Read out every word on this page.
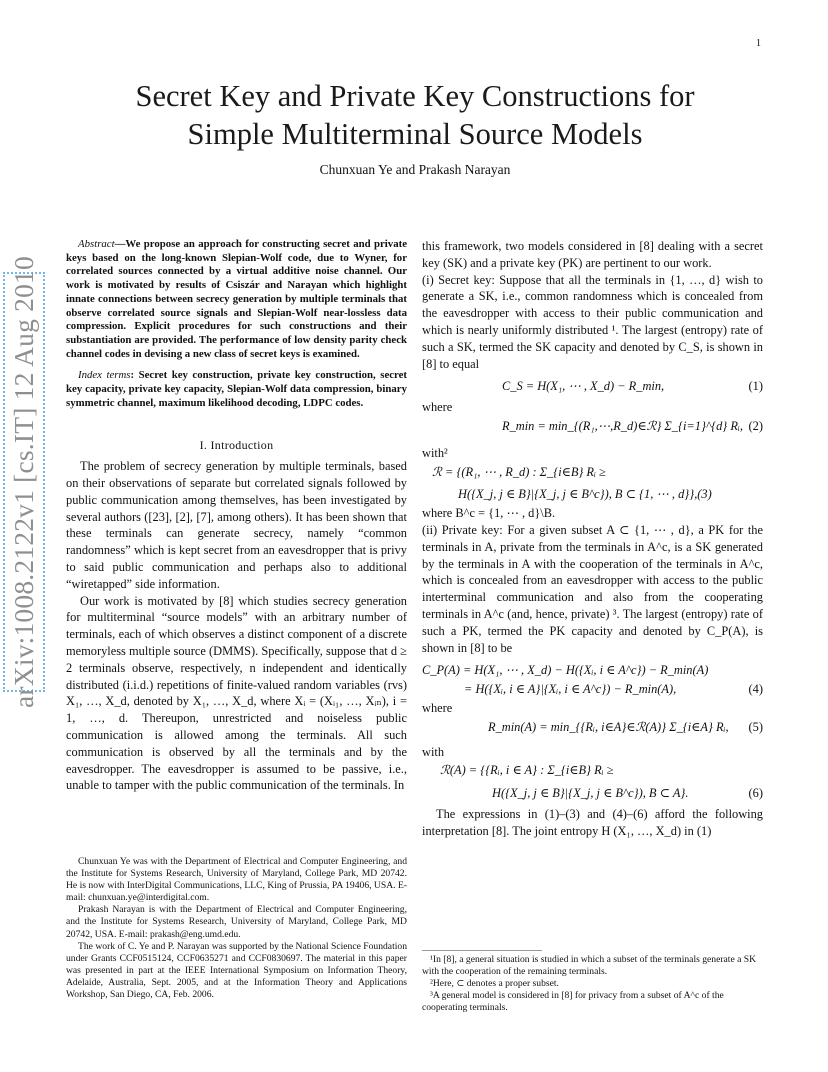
1
arXiv:1008.2122v1 [cs.IT] 12 Aug 2010
Secret Key and Private Key Constructions for
Simple Multiterminal Source Models
Chunxuan Ye and Prakash Narayan

Abstract—We propose an approach for constructing secret and private keys based on the long-known Slepian-Wolf code, due to Wyner, for correlated sources connected by a virtual additive noise channel. Our work is motivated by results of Csiszár and Narayan which highlight innate connections between secrecy generation by multiple terminals that observe correlated source signals and Slepian-Wolf near-lossless data compression. Explicit procedures for such constructions and their substantiation are provided. The performance of low density parity check channel codes in devising a new class of secret keys is examined.

Index terms: Secret key construction, private key construction, secret key capacity, private key capacity, Slepian-Wolf data compression, binary symmetric channel, maximum likelihood decoding, LDPC codes.

I. Introduction

The problem of secrecy generation by multiple terminals, based on their observations of separate but correlated signals followed by public communication among themselves, has been investigated by several authors ([23], [2], [7], among others). It has been shown that these terminals can generate secrecy, namely “common randomness” which is kept secret from an eavesdropper that is privy to said public communication and perhaps also to additional “wiretapped” side information.

Our work is motivated by [8] which studies secrecy generation for multiterminal “source models” with an arbitrary number of terminals, each of which observes a distinct component of a discrete memoryless multiple source (DMMS). Specifically, suppose that d ≥ 2 terminals observe, respectively, n independent and identically distributed (i.i.d.) repetitions of finite-valued random variables (rvs) X₁, …, X_d, denoted by X₁, …, X_d, where Xᵢ = (Xᵢ₁, …, Xᵢₙ), i = 1, …, d. Thereupon, unrestricted and noiseless public communication is allowed among the terminals. All such communication is observed by all the terminals and by the eavesdropper. The eavesdropper is assumed to be passive, i.e., unable to tamper with the public communication of the terminals. In

Chunxuan Ye was with the Department of Electrical and Computer Engineering, and the Institute for Systems Research, University of Maryland, College Park, MD 20742. He is now with InterDigital Communications, LLC, King of Prussia, PA 19406, USA. E-mail: chunxuan.ye@interdigital.com.

Prakash Narayan is with the Department of Electrical and Computer Engineering, and the Institute for Systems Research, University of Maryland, College Park, MD 20742, USA. E-mail: prakash@eng.umd.edu.

The work of C. Ye and P. Narayan was supported by the National Science Foundation under Grants CCF0515124, CCF0635271 and CCF0830697. The material in this paper was presented in part at the IEEE International Symposium on Information Theory, Adelaide, Australia, Sept. 2005, and at the Information Theory and Applications Workshop, San Diego, CA, Feb. 2006.

this framework, two models considered in [8] dealing with a secret key (SK) and a private key (PK) are pertinent to our work.

(i) Secret key: Suppose that all the terminals in {1, …, d} wish to generate a SK, i.e., common randomness which is concealed from the eavesdropper with access to their public communication and which is nearly uniformly distributed ¹. The largest (entropy) rate of such a SK, termed the SK capacity and denoted by C_S, is shown in [8] to equal

C_S = H(X₁, ⋯ , X_d) − R_min,	(1)

where

R_min = min_{(R₁,⋯,R_d)∈ℛ} Σ_{i=1}^{d} Rᵢ, (2)

with²

ℛ = {(R₁, ⋯ , R_d) : Σ_{i∈B} Rᵢ ≥
H({X_j, j ∈ B}|{X_j, j ∈ B^c}), B ⊂ {1, ⋯ , d}},(3)

where B^c = {1, ⋯ , d}\B.

(ii) Private key: For a given subset A ⊂ {1, ⋯ , d}, a PK for the terminals in A, private from the terminals in A^c, is a SK generated by the terminals in A with the cooperation of the terminals in A^c, which is concealed from an eavesdropper with access to the public interterminal communication and also from the cooperating terminals in A^c (and, hence, private) ³. The largest (entropy) rate of such a PK, termed the PK capacity and denoted by C_P(A), is shown in [8] to be

C_P(A) = H(X₁, ⋯ , X_d) − H({Xᵢ, i ∈ A^c}) − R_min(A)
= H({Xᵢ, i ∈ A}|{Xᵢ, i ∈ A^c}) − R_min(A),	(4)

where

R_min(A) = min_{{Rᵢ, i∈A}∈ℛ(A)} Σ_{i∈A} Rᵢ, (5)

with

ℛ(A) = {{Rᵢ, i ∈ A} : Σ_{i∈B} Rᵢ ≥
H({X_j, j ∈ B}|{X_j, j ∈ B^c}), B ⊂ A}.	(6)

The expressions in (1)–(3) and (4)–(6) afford the following interpretation [8]. The joint entropy H (X₁, …, X_d) in (1)

¹In [8], a general situation is studied in which a subset of the terminals generate a SK with the cooperation of the remaining terminals.

²Here, ⊂ denotes a proper subset.

³A general model is considered in [8] for privacy from a subset of A^c of the cooperating terminals.
